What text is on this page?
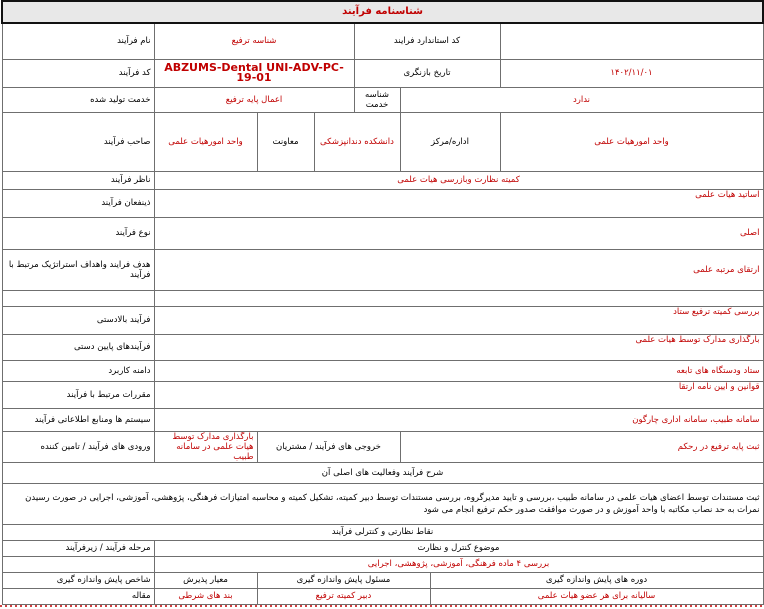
شناسنامه فرآیند							
نام فرآیند	شناسه ترفیع			کد استاندارد فرایند			
کد فرآیند	ABZUMS-Dental UNI-ADV-PC-19-01			تاریخ بازنگری			۱۴۰۲/۱۱/۰۱
خدمت تولید شده	اعمال پایه ترفیع			شناسه خدمت	ندارد		
صاحب فرآیند	واحد امورهیات علمی	معاونت	دانشکده دندانپزشکی		اداره/مرکز		واحد امورهیات علمی
ناظر فرآیند	کمیته نظارت وبازرسی هیات علمی						
ذینفعان فرآیند	اساتید هیات علمی						
نوع فرآیند	اصلی						
هدف فرایند واهداف استراتژیک مرتبط با فرآیند	ارتقای مرتبه علمی						

فرآیند بالادستی	بررسی کمیته ترفیع ستاد						
فرآیندهای پایین دستی	بارگذاری مدارک توسط هیات علمی						
دامنه کاربرد	ستاد ودستگاه های تابعه						
مقررات مرتبط با فرآیند	قوانین و آیین نامه ارتقا						
سیستم ها ومنابع اطلاعاتی فرآیند	سامانه طبیب، سامانه اداری چارگون						
ورودی های فرآیند / تامین کننده	بارگذاری مدارک توسط هیات علمی در سامانه طبیب	خروجی های فرآیند / مشتریان			ثبت پایه ترفیع در رحکم		
شرح فرآیند وفعالیت های اصلی آن							
ثبت مستندات توسط اعضای هیات علمی در سامانه طبیب ،بررسی و تایید مدیرگروه، بررسی مستندات توسط دبیر کمیته، تشکیل کمیته و محاسبه امتیازات فرهنگی، پژوهشی، آموزشی، اجرایی در صورت رسیدن نمرات به حد نصاب مکاتبه با واحد آموزش و در صورت موافقت صدور حکم ترفیع انجام می شود							
نقاط نظارتی و کنترلی فرآیند							
مرحله فرآیند / زیرفرآیند	موضوع کنترل و نظارت						
	بررسی ۴ ماده فرهنگی، آموزشی، پژوهشی، اجرایی						
شاخص پایش واندازه گیری	معیار پذیرش	مسئول پایش واندازه گیری				دوره های پایش واندازه گیری	
مقاله	بند های شرطی	دبیر کمیته ترفیع				سالیانه برای هر عضو هیات علمی	
